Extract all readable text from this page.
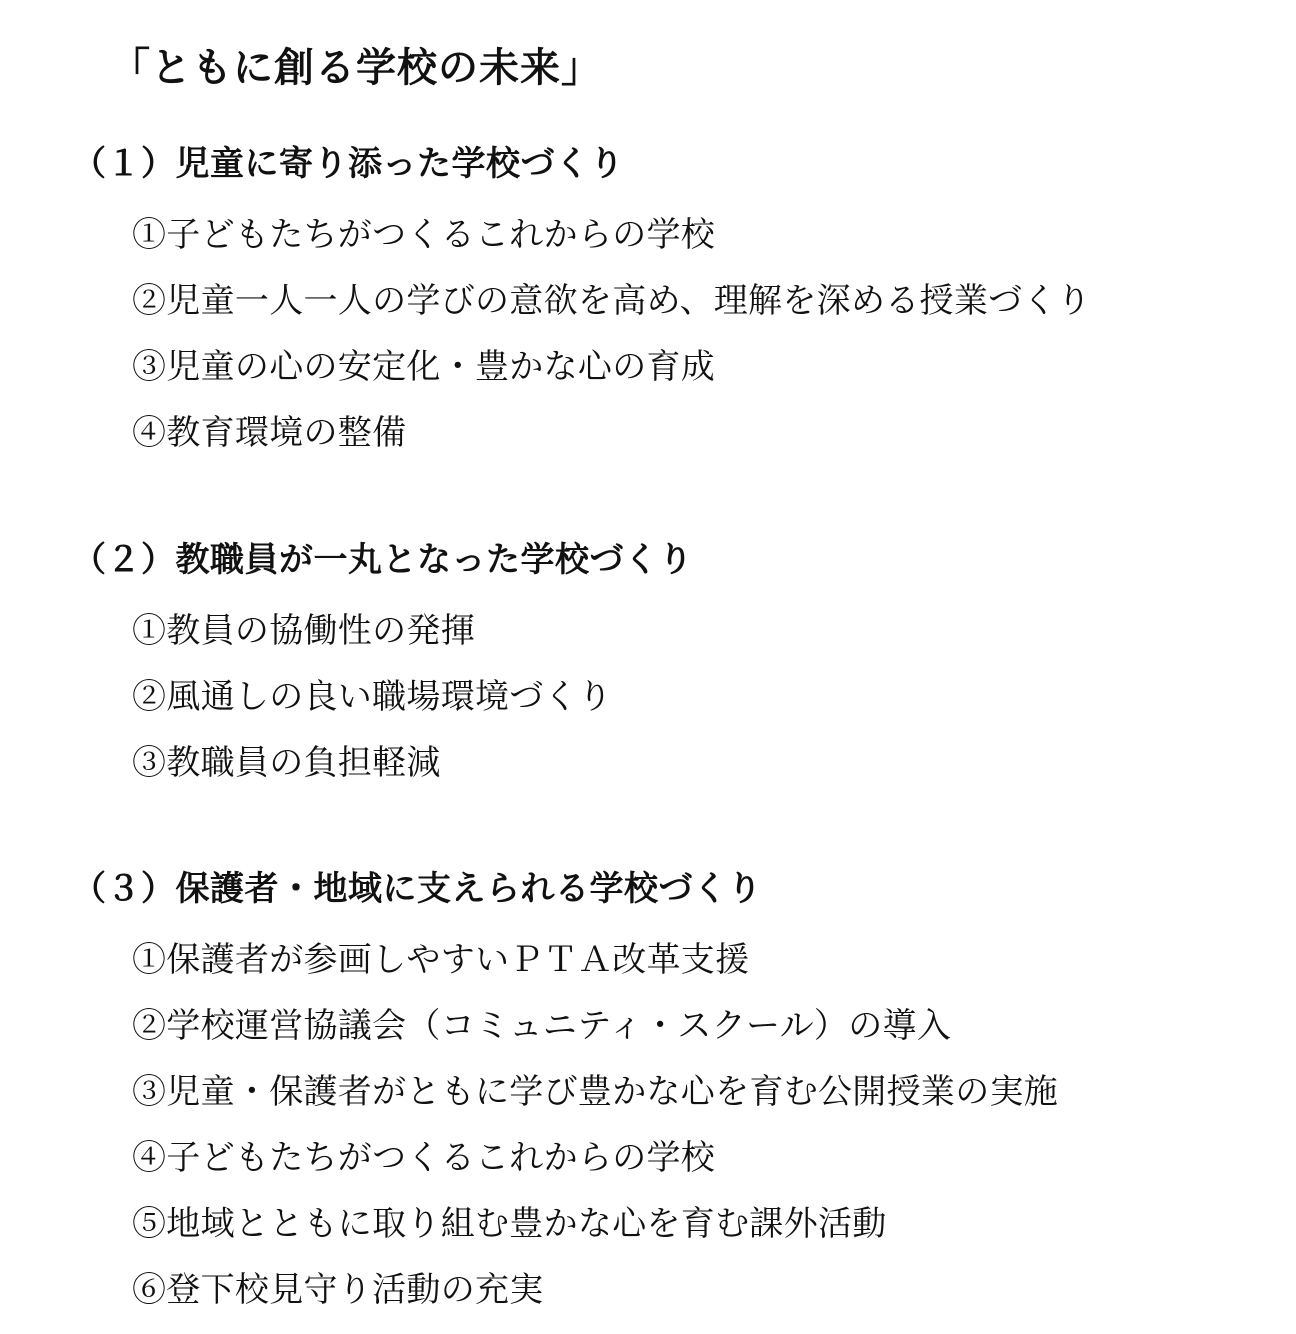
「ともに創る学校の未来」
（１）児童に寄り添った学校づくり
①子どもたちがつくるこれからの学校
②児童一人一人の学びの意欲を高め、理解を深める授業づくり
③児童の心の安定化・豊かな心の育成
④教育環境の整備
（２）教職員が一丸となった学校づくり
①教員の協働性の発揮
②風通しの良い職場環境づくり
③教職員の負担軽減
（３）保護者・地域に支えられる学校づくり
①保護者が参画しやすいＰＴＡ改革支援
②学校運営協議会（コミュニティ・スクール）の導入
③児童・保護者がともに学び豊かな心を育む公開授業の実施
④子どもたちがつくるこれからの学校
⑤地域とともに取り組む豊かな心を育む課外活動
⑥登下校見守り活動の充実
